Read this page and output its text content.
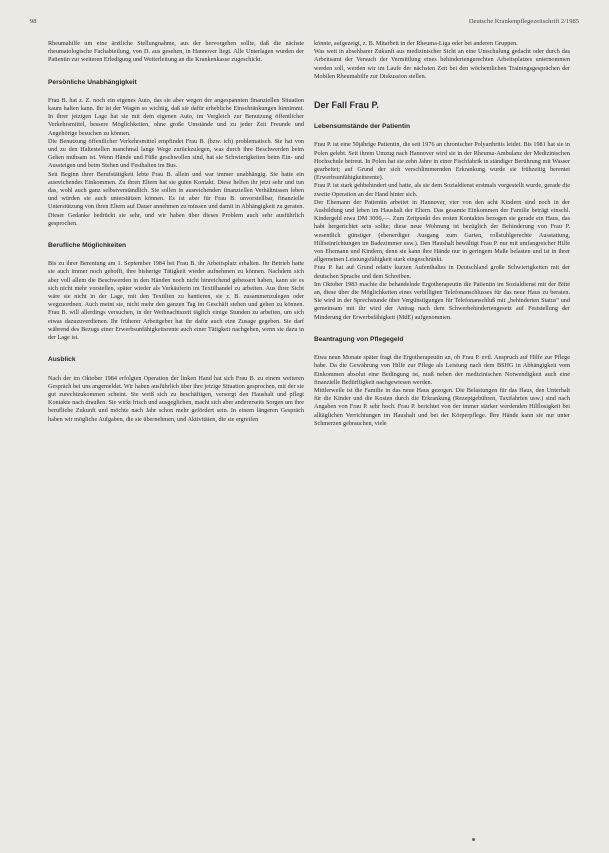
98	Deutsche Krankenpflegezeitschrift 2/1985

Rheumahilfe um eine ärztliche Stellungnahme, aus der hervorgehen sollte, daß die nächste rheumatologische Fachabteilung, von D. aus gesehen, in Hannover liegt. Alle Unterlagen wurden der Patientin zur weiteren Erledigung und Weiterleitung an die Krankenkasse zugeschickt.

Persönliche Unabhängigkeit

Frau B. hat z. Z. noch ein eigenes Auto, das sie aber wegen der angespannten finanziellen Situation kaum halten kann. Ihr ist der Wagen so wichtig, daß sie dafür erhebliche Einschränkungen hinnimmt. In ihrer jetzigen Lage hat sie mit dem eigenen Auto, im Vergleich zur Benutzung öffentlicher Verkehrsmittel, bessere Möglichkeiten, ohne große Umstände und zu jeder Zeit Freunde und Angehörige besuchen zu können.

Die Benutzung öffentlicher Verkehrsmittel empfindet Frau B. (bzw. ich) problematisch. Sie hat von und zu den Haltestellen manchmal lange Wege zurückzulegen, was durch ihre Beschwerden beim Gehen mühsam ist. Wenn Hände und Füße geschwollen sind, hat sie Schwierigkeiten beim Ein- und Aussteigen und beim Stehen und Festhalten im Bus.

Seit Beginn ihrer Berufstätigkeit lebte Frau B. allein und war immer unabhängig. Sie hatte ein ausreichendes Einkommen. Zu ihren Eltern hat sie guten Kontakt. Diese helfen ihr jetzt sehr und tun das, wohl auch ganz selbstverständlich. Sie sollen in ausreichenden finanziellen Verhältnissen leben und würden sie auch unterstützen können. Es ist aber für Frau B. unvorstellbar, finanzielle Unterstützung von ihren Eltern auf Dauer annehmen zu müssen und damit in Abhängigkeit zu geraten. Dieser Gedanke bedrückt sie sehr, und wir haben über dieses Problem auch sehr ausführlich gesprochen.

Berufliche Möglichkeiten

Bis zu ihrer Berentung am 1. September 1984 bei Frau B. ihr Arbeitsplatz erhalten. Ihr Betrieb hatte sie auch immer noch gehofft, ihre bisherige Tätigkeit wieder aufnehmen zu können. Nachdem sich aber voll allem die Beschwerden in den Händen noch nicht hinreichend gebessert haben, kann sie es sich nicht mehr vorstellen, später wieder als Verkäuferin im Textilhandel zu arbeiten. Aus ihrer Sicht wäre sie nicht in der Lage, mit den Textilien zu hantieren, sie z. B. zusammenzulegen oder wegzuordnen. Auch meint sie, nicht mehr den ganzen Tag im Geschäft stehen und gehen zu können. Frau B. will allerdings versuchen, in der Weihnachtszeit täglich einige Stunden zu arbeiten, um sich etwas dazuzuverdienen. Ihr früherer Arbeitgeber hat ihr dafür auch eine Zusage gegeben. Sie darf während des Bezugs einer Erwerbsunfähigkeitsrente auch einer Tätigkeit nachgehen, wenn sie dazu in der Lage ist.

Ausblick

Nach der im Oktober 1984 erfolgten Operation der linken Hand hat sich Frau B. zu einem weiteren Gespräch bei uns angemeldet. Wir haben ausführlich über ihre jetzige Situation gesprochen, mit der sie gut zurechtzukommen scheint. Sie weiß sich zu beschäftigen, versorgt den Haushalt und pflegt Kontakte nach draußen. Sie wirkt frisch und ausgeglichen, macht sich aber andererseits Sorgen um ihre berufliche Zukunft und möchte nach Jahr schon mehr gefördert sein. In einem längeren Gespräch haben wir mögliche Aufgaben, die sie übernehmen, und Aktivitäten, die sie ergreifen

könnte, aufgezeigt, z. B. Mitarbeit in der Rheuma-Liga oder bei anderen Gruppen.

Was weit in absehbarer Zukunft aus medizinischer Sicht an eine Umschulung gedacht oder durch das Arbeitsamt der Versuch der Vermittlung eines behindertengerechten Arbeitsplatzes unternommen werden soll, werden wir im Laufe der nächsten Zeit bei den wöchentlichen Trainingsgesprächen der Mobilen Rheumahilfe zur Diskussion stellen.

Der Fall Frau P.
Lebensumstände der Patientin

Frau P. ist eine 50jährige Patientin, die seit 1976 an chronischer Polyarthritis leidet. Bis 1981 hat sie in Polen gelebt. Seit ihrem Umzug nach Hannover wird sie in der Rheuma-Ambulanz der Medizinischen Hochschule betreut. In Polen hat sie zehn Jahre in einer Fischfabrik in ständiger Berührung mit Wasser gearbeitet; auf Grund der sich verschlimmernden Erkrankung wurde sie frühzeitig berentet (Erwerbsunfähigkeitsrente).

Frau P. ist stark gehbehindert und hatte, als sie dem Sozialdienst erstmals vorgestellt wurde, gerade die zweite Operation an der Hand hinter sich.

Der Ehemann der Patientin arbeitet in Hannover, vier von den acht Kindern sind noch in der Ausbildung und leben im Haushalt der Eltern. Das gesamte Einkommen der Familie beträgt einschl. Kindergeld etwa DM 3000,—. Zum Zeitpunkt des ersten Kontaktes bezogen sie gerade ein Haus, das habt hergerichtet sein sollte; diese neue Wohnung ist bezüglich der Behinderung von Frau P. wesentlich günstiger (ebenerdiger Ausgang zum Garten, rollstuhlgerechte Ausstattung, Hilfseinrichtungen im Badezimmer usw.). Den Haushalt bewältigt Frau P. nur mit umfangreicher Hilfe von Ehemann und Kindern, denn sie kann ihre Hände nur in geringem Maße belasten und ist in ihrer allgemeinen Leistungsfähigkeit stark eingeschränkt.

Frau P. hat auf Grund relativ kurzen Aufenthaltes in Deutschland große Schwierigkeiten mit der deutschen Sprache und dem Schreiben.

Im Oktober 1983 machte die behandelnde Ergotherapeutin die Patientin im Sozialdienst mit der Bitte an, diese über die Möglichkeiten eines verbilligten Telefonanschlusses für das neue Haus zu beraten. Sie wird in der Sprechstunde über Vergünstigungen für Telefonanschluß mit „behinderten Status" und gemeinsam mit ihr wird der Antrag nach dem Schwerbehindertengesetz auf Feststellung der Minderung der Erwerbsfähigkeit (MdE) aufgenommen.

Beantragung von Pflegegeld

Etwa neun Monate später fragt die Ergotherapeutin an, ob Frau P. evtl. Anspruch auf Hilfe zur Pflege habe. Da die Gewährung von Hilfe zur Pflege als Leistung nach dem BSHG in Abhängigkeit vom Einkommen absolut eine Bedingung ist, muß neben der medizinischen Notwendigkeit auch eine finanzielle Bedürftigkeit nachgewiesen werden.

Mittlerweile ist die Familie in das neue Haus gezogen. Die Belastungen für das Haus, den Unterhalt für die Kinder und die Kosten durch die Erkrankung (Rezeptgebühren, Taxifahrten usw.) sind nach Angaben von Frau P. sehr hoch. Frau P. berichtet von der immer stärker werdenden Hilflosigkeit bei alltäglichen Verrichtungen im Haushalt und bei der Körperpflege. Ihre Hände kann sie nur unter Schmerzen gebrauchen, viele
